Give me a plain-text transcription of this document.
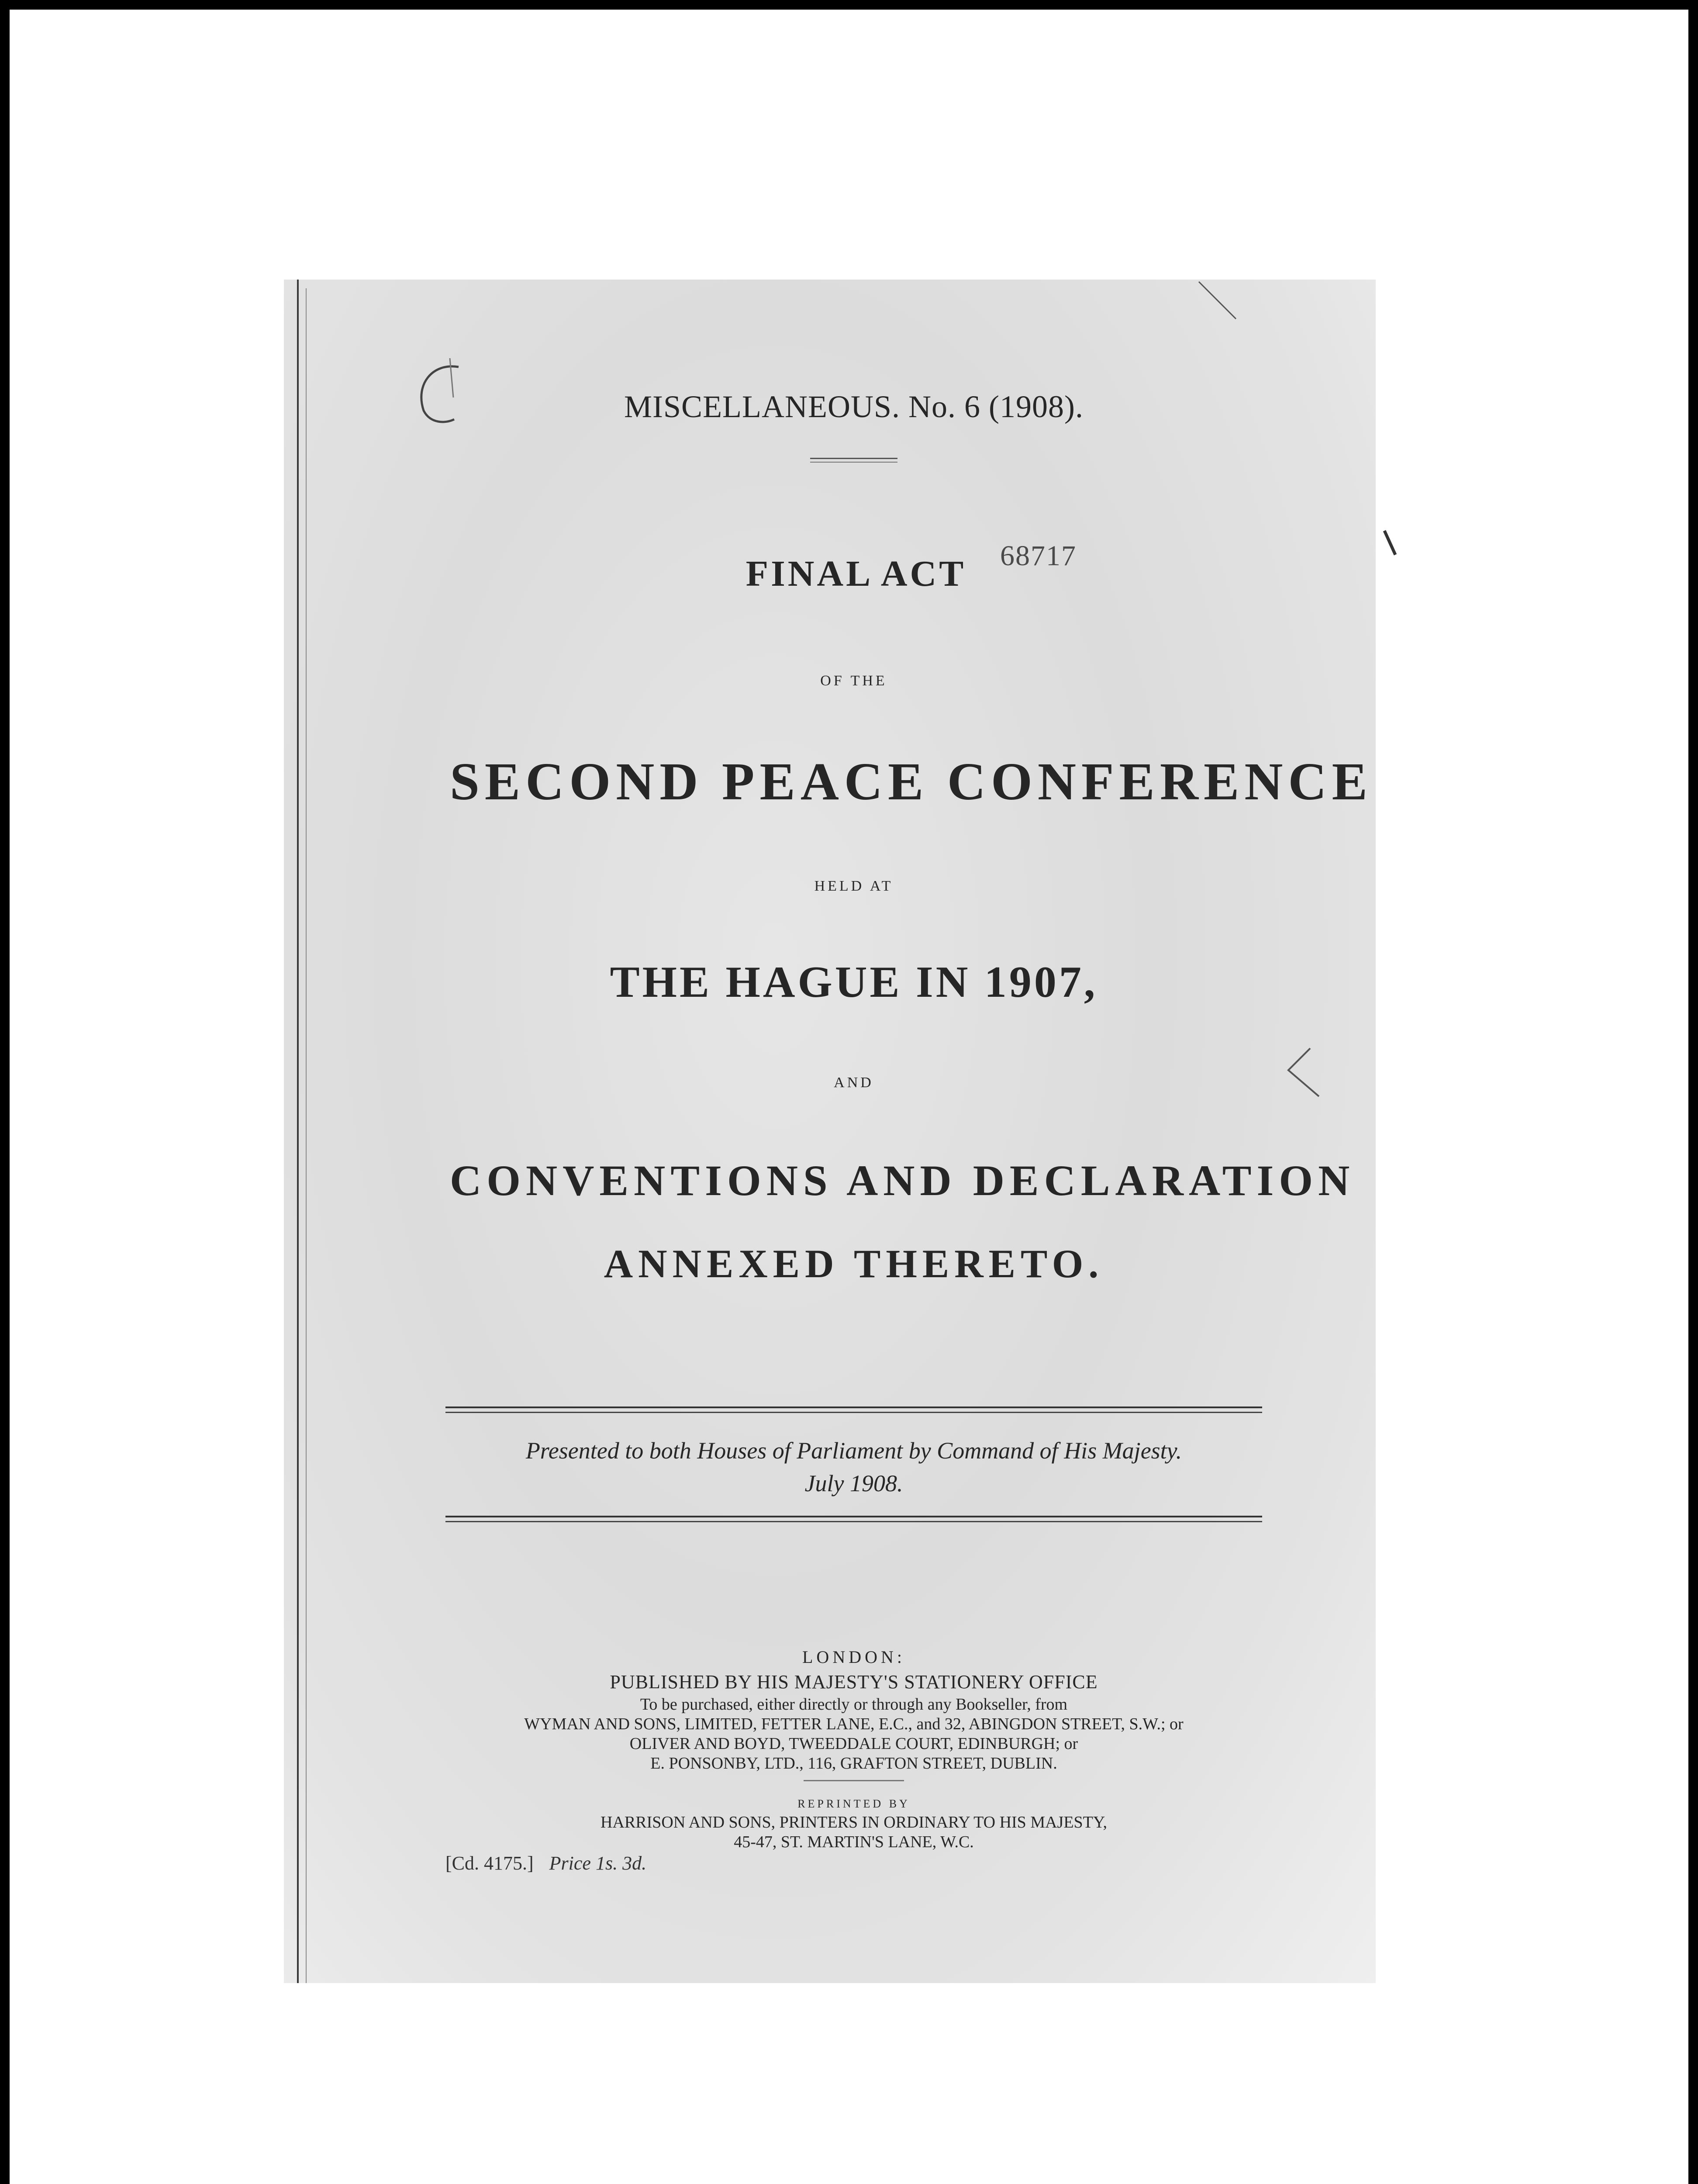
MISCELLANEOUS. No. 6 (1908).
FINAL ACT	68717
OF THE
SECOND PEACE CONFERENCE
HELD AT
THE HAGUE IN 1907,
AND
CONVENTIONS AND DECLARATION
ANNEXED THERETO.
Presented to both Houses of Parliament by Command of His Majesty.
July 1908.
LONDON:
PUBLISHED BY HIS MAJESTY'S STATIONERY OFFICE
To be purchased, either directly or through any Bookseller, from
WYMAN AND SONS, LIMITED, FETTER LANE, E.C., and 32, ABINGDON STREET, S.W.; or
OLIVER AND BOYD, TWEEDDALE COURT, EDINBURGH; or
E. PONSONBY, LTD., 116, GRAFTON STREET, DUBLIN.
REPRINTED BY
HARRISON AND SONS, PRINTERS IN ORDINARY TO HIS MAJESTY,
45-47, ST. MARTIN'S LANE, W.C.
[Cd. 4175.] Price 1s. 3d.
